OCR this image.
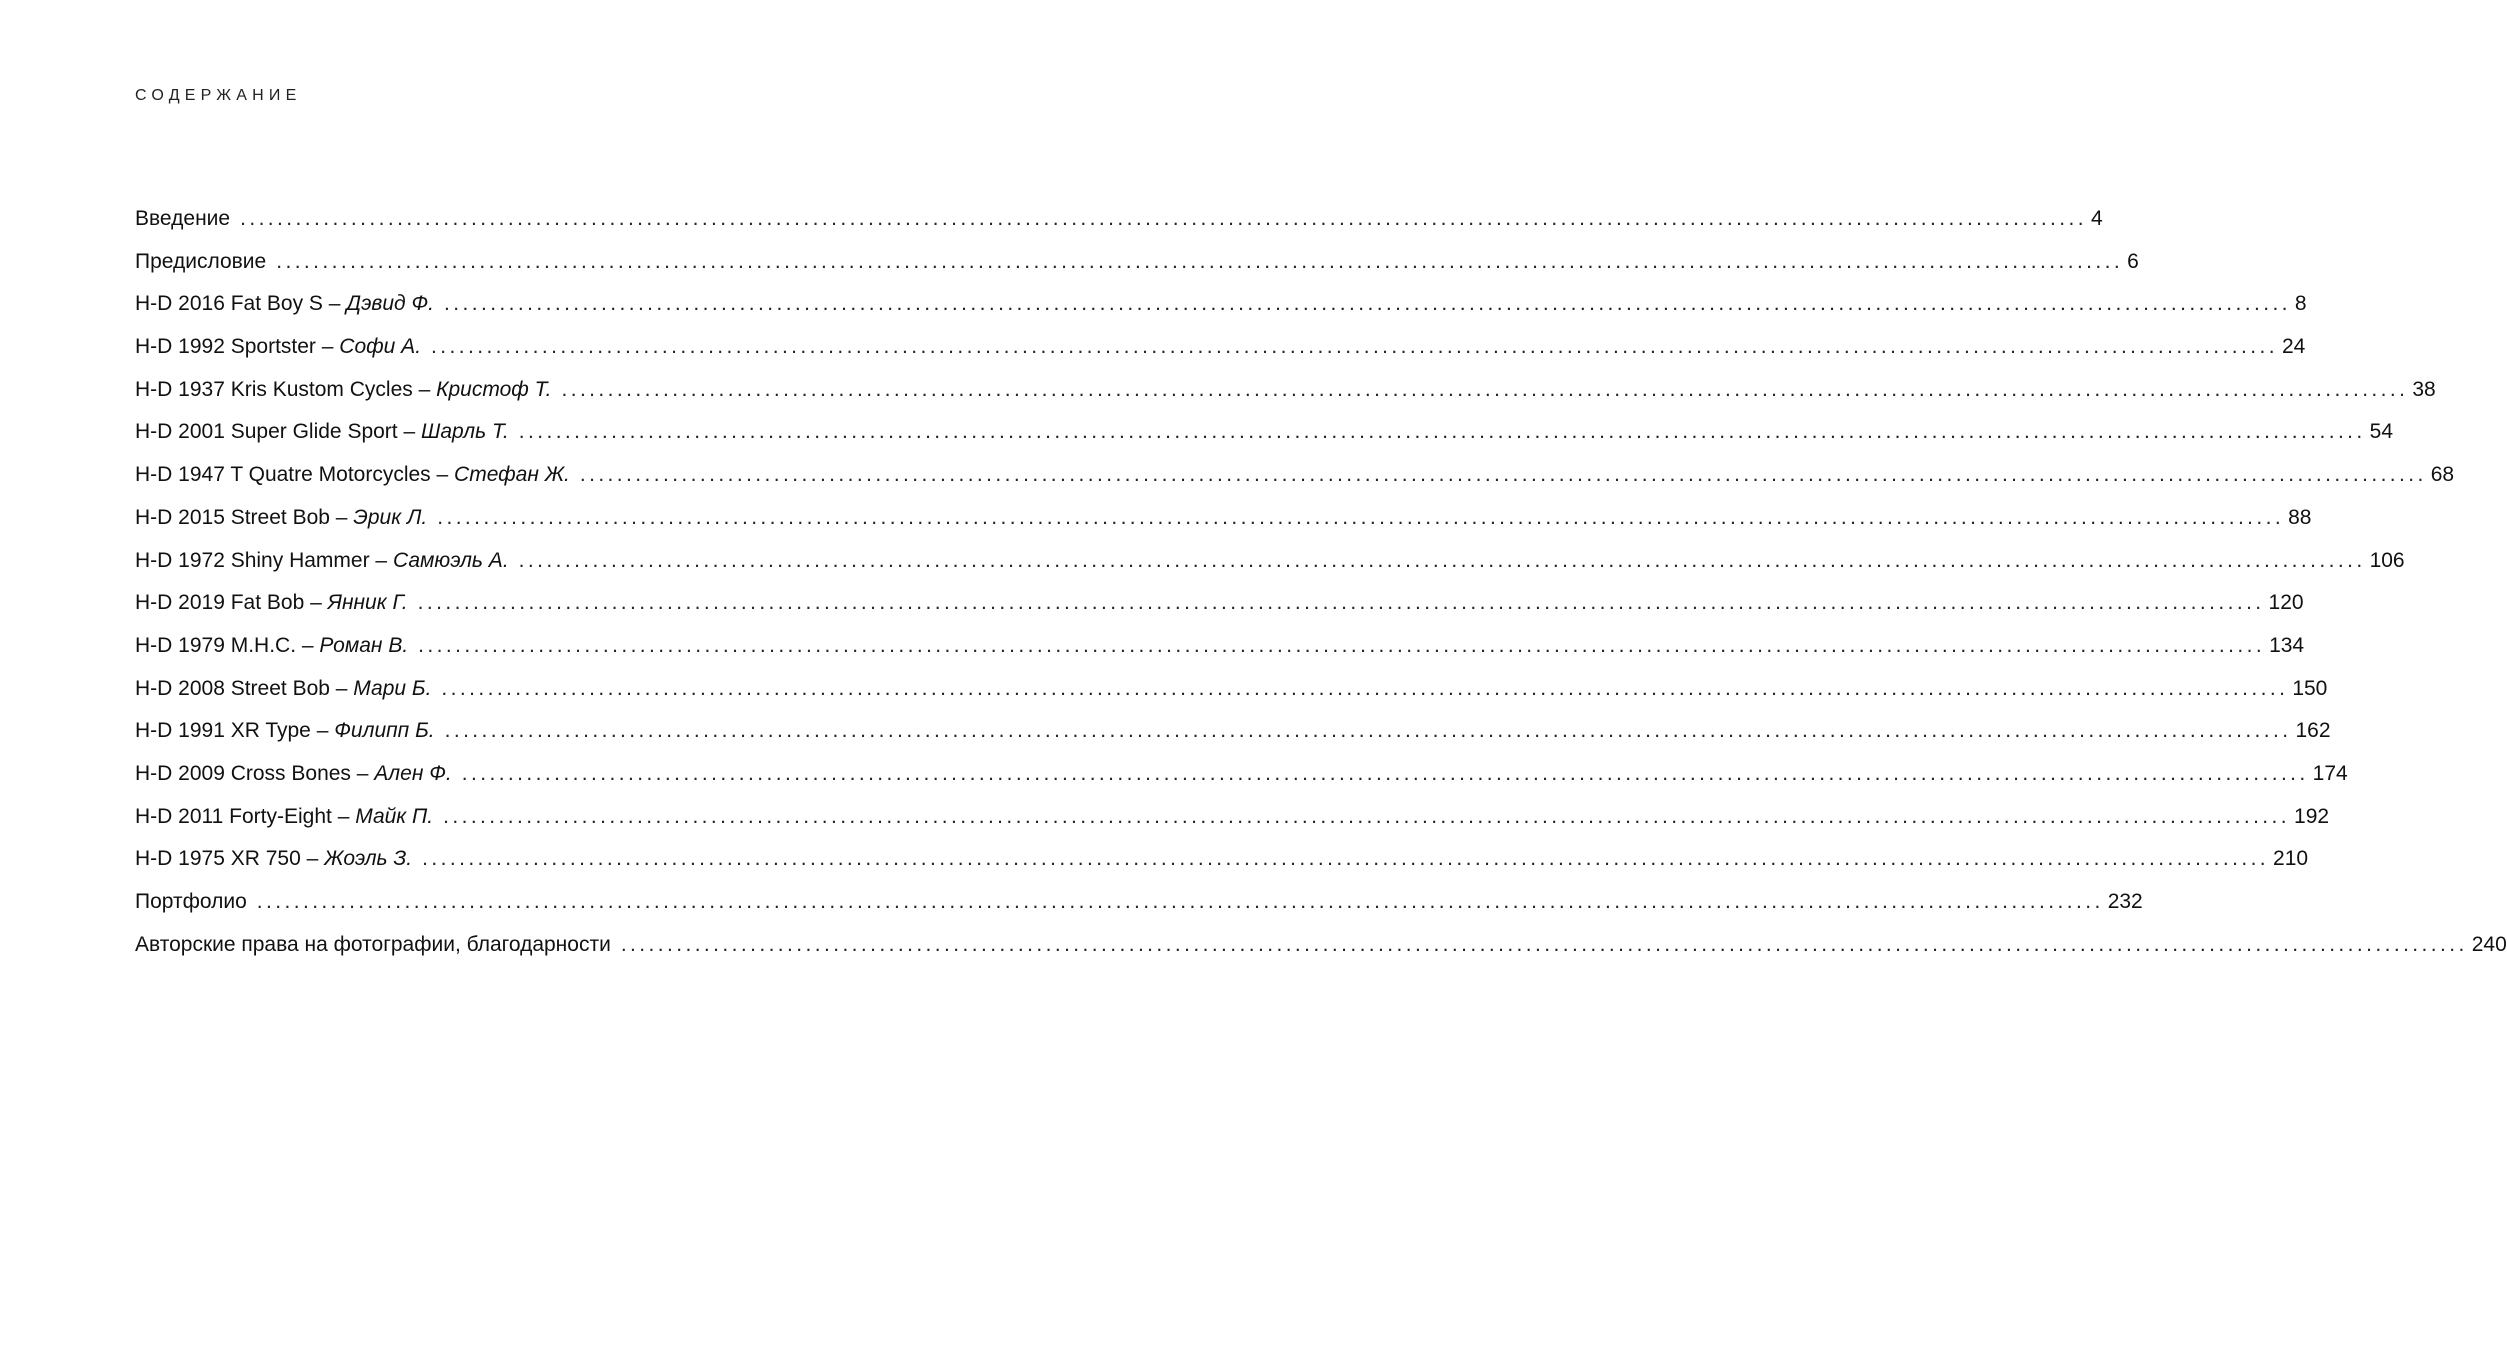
СОДЕРЖАНИЕ
Введение ........................................................................................................................................................................................................ 4
Предисловие ........................................................................................................................................................................................................ 6
H-D 2016 Fat Boy S – Дэвид Ф. ........................................................................................................................................................................................................ 8
H-D 1992 Sportster – Софи А. ........................................................................................................................................................................................................ 24
H-D 1937 Kris Kustom Cycles – Кристоф Т. ........................................................................................................................................................................................................ 38
H-D 2001 Super Glide Sport – Шарль Т. ........................................................................................................................................................................................................ 54
H-D 1947 T Quatre Motorcycles – Стефан Ж. ........................................................................................................................................................................................................ 68
H-D 2015 Street Bob – Эрик Л. ........................................................................................................................................................................................................ 88
H-D 1972 Shiny Hammer – Самюэль А. ........................................................................................................................................................................................................ 106
H-D 2019 Fat Bob – Янник Г. ........................................................................................................................................................................................................ 120
H-D 1979 M.H.C. – Роман В. ........................................................................................................................................................................................................ 134
H-D 2008 Street Bob – Мари Б. ........................................................................................................................................................................................................ 150
H-D 1991 XR Type – Филипп Б. ........................................................................................................................................................................................................ 162
H-D 2009 Cross Bones – Ален Ф. ........................................................................................................................................................................................................ 174
H-D 2011 Forty-Eight – Майк П. ........................................................................................................................................................................................................ 192
H-D 1975 XR 750 – Жоэль З. ........................................................................................................................................................................................................ 210
Портфолио ........................................................................................................................................................................................................ 232
Авторские права на фотографии, благодарности ........................................................................................................................................................................................................ 240
